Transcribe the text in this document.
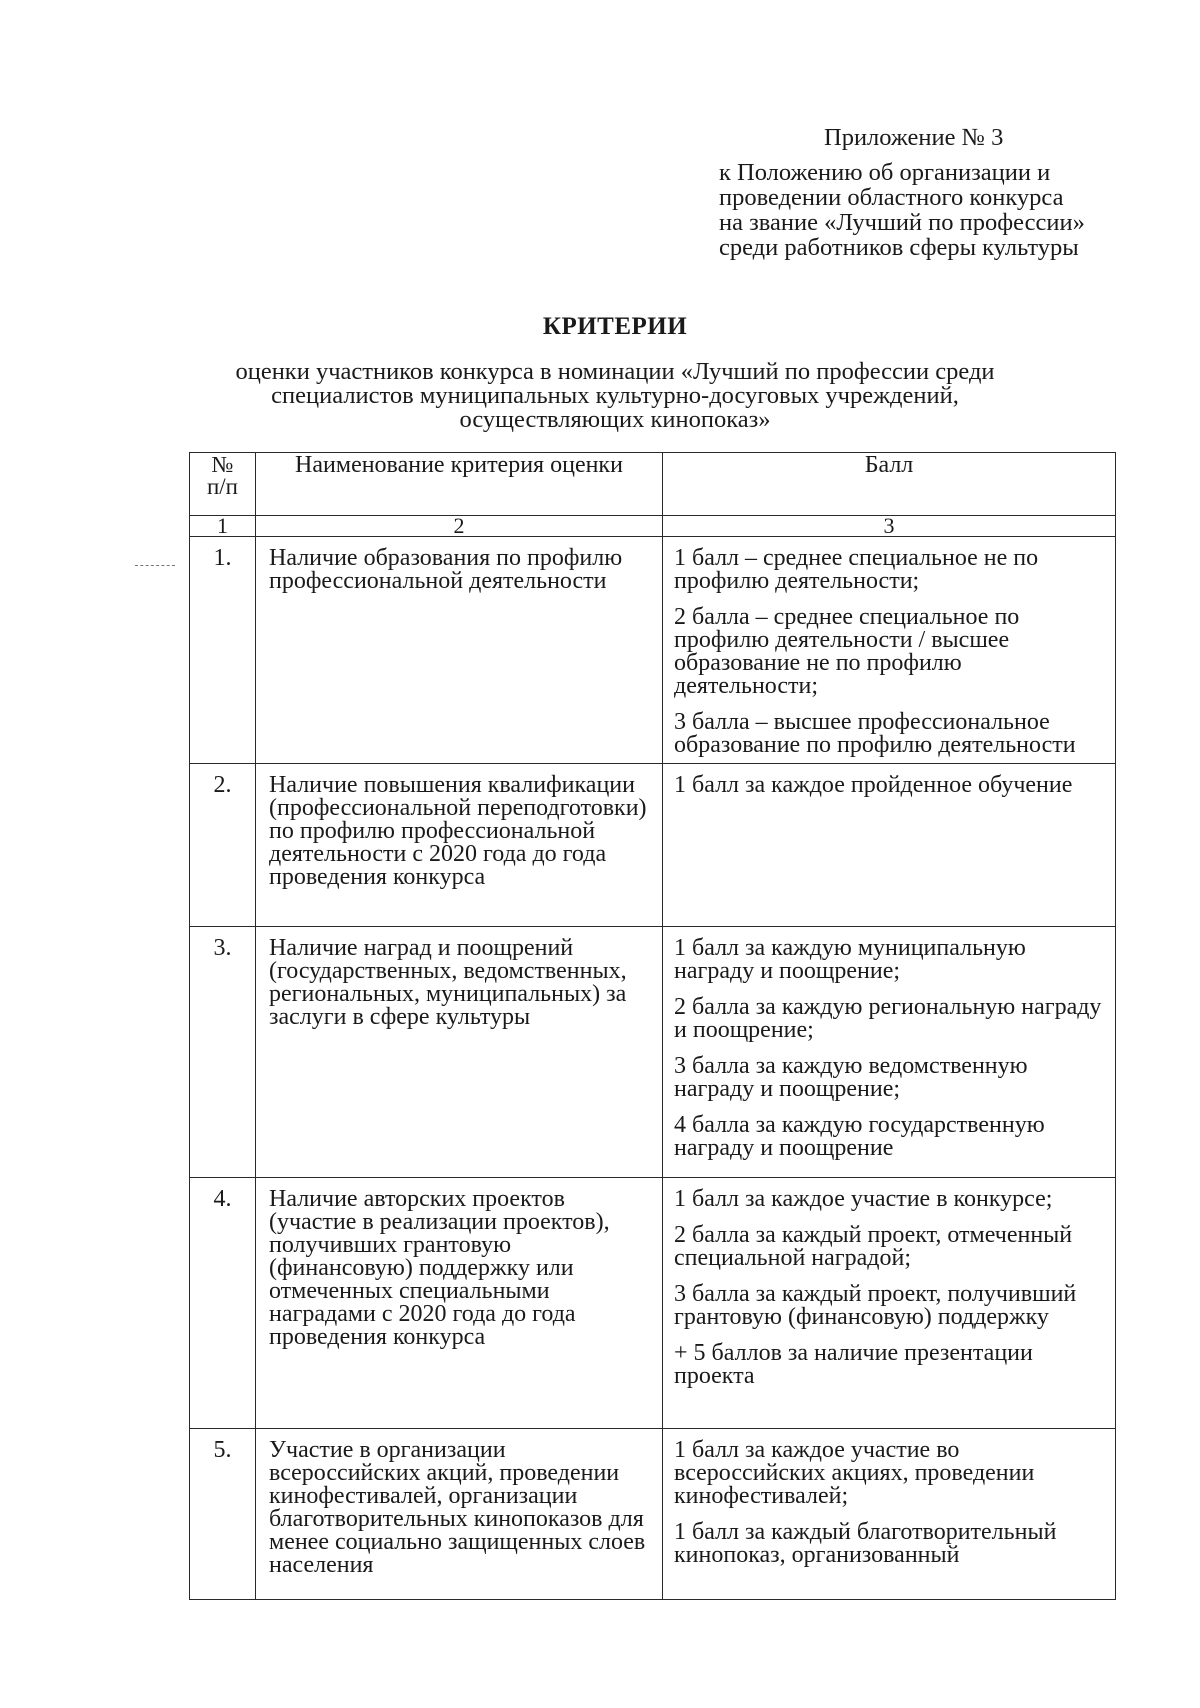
Приложение № 3
к Положению об организации и
проведении областного конкурса
на звание «Лучший по профессии»
среди работников сферы культуры
КРИТЕРИИ
оценки участников конкурса в номинации «Лучший по профессии среди
специалистов муниципальных культурно-досуговых учреждений,
осуществляющих кинопоказ»
№
п/п	Наименование критерия оценки	Балл
1	2	3
1.	Наличие образования по профилю профессиональной деятельности	1 балл – среднее специальное не по профилю деятельности;
2 балла – среднее специальное по профилю деятельности / высшее образование не по профилю деятельности;
3 балла – высшее профессиональное образование по профилю деятельности

2.	Наличие повышения квалификации (профессиональной переподготовки) по профилю профессиональной деятельности с 2020 года до года проведения конкурса	1 балл за каждое пройденное обучение

3.	Наличие наград и поощрений (государственных, ведомственных, региональных, муниципальных) за заслуги в сфере культуры	1 балл за каждую муниципальную награду и поощрение;
2 балла за каждую региональную награду и поощрение;
3 балла за каждую ведомственную награду и поощрение;
4 балла за каждую государственную награду и поощрение

4.	Наличие авторских проектов (участие в реализации проектов), получивших грантовую (финансовую) поддержку или отмеченных специальными наградами с 2020 года до года проведения конкурса	1 балл за каждое участие в конкурсе;
2 балла за каждый проект, отмеченный специальной наградой;
3 балла за каждый проект, получивший грантовую (финансовую) поддержку
+ 5 баллов за наличие презентации проекта

5.	Участие в организации всероссийских акций, проведении кинофестивалей, организации благотворительных кинопоказов для менее социально защищенных слоев населения	1 балл за каждое участие во всероссийских акциях, проведении кинофестивалей;
1 балл за каждый благотворительный кинопоказ, организованный
